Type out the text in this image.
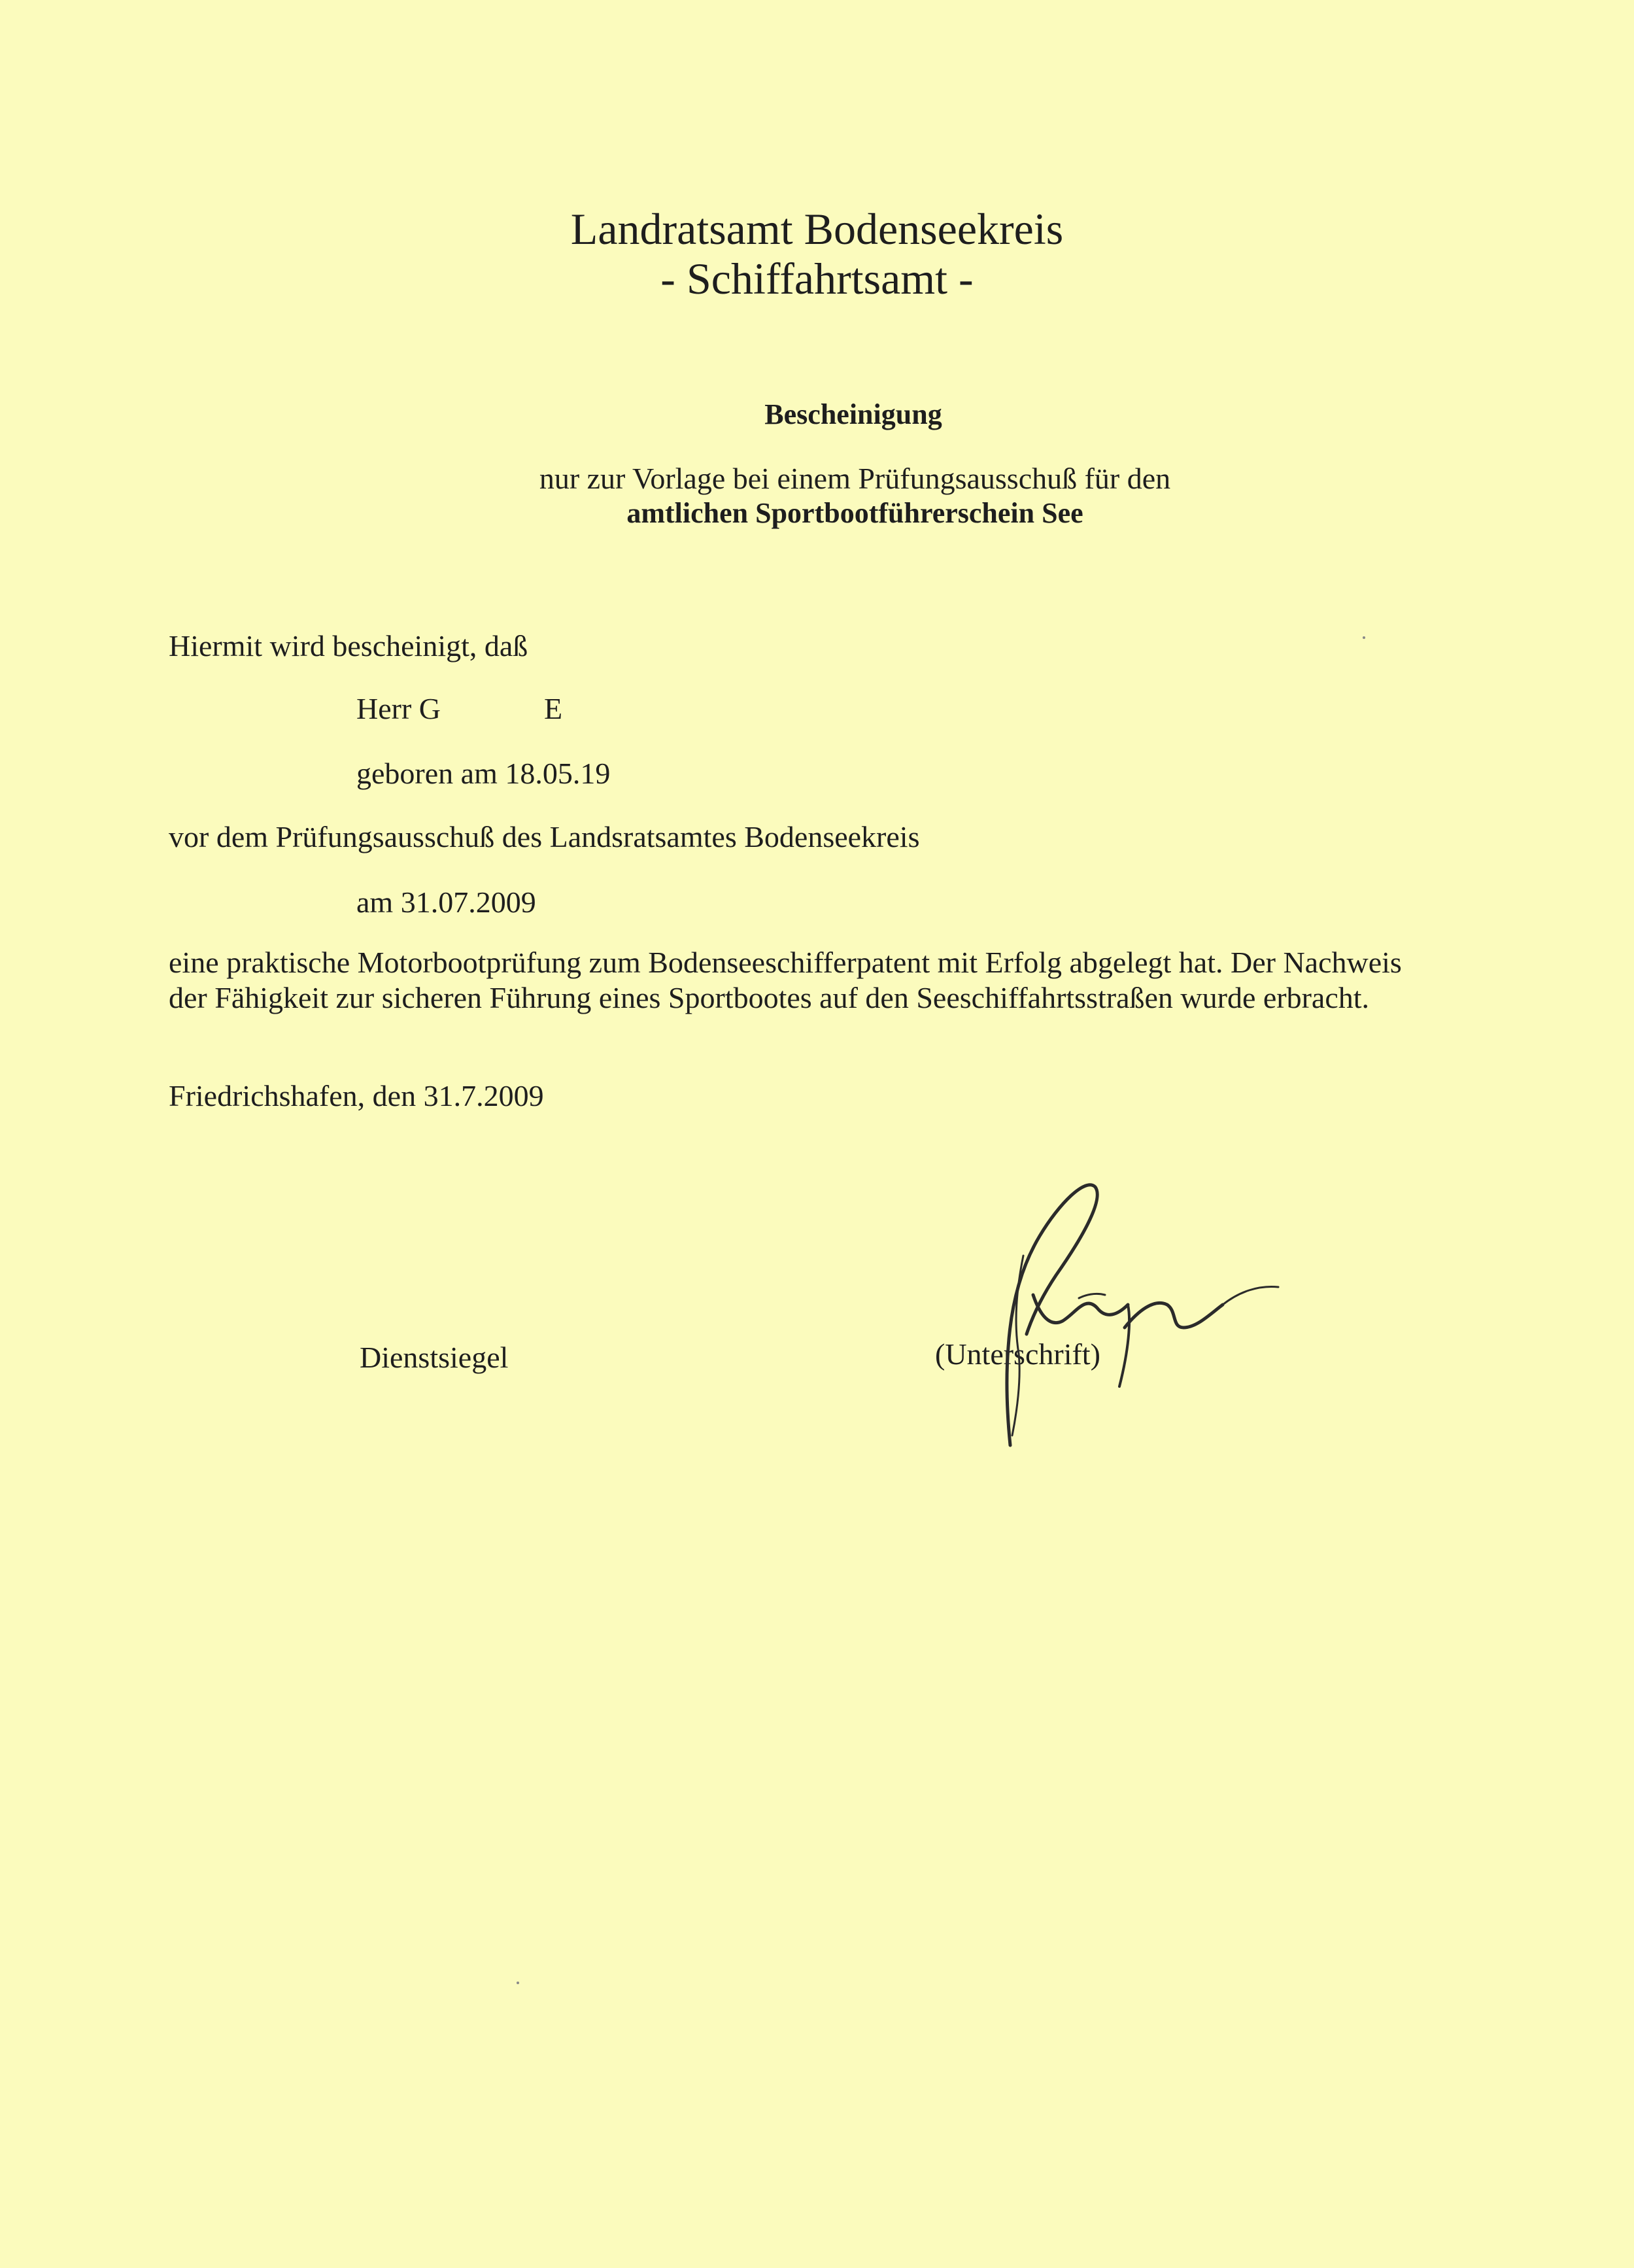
Landratsamt Bodenseekreis
- Schiffahrtsamt -
Bescheinigung
nur zur Vorlage bei einem Prüfungsausschuß für den
amtlichen Sportbootführerschein See
Hiermit wird bescheinigt, daß
Herr G	E
geboren am 18.05.19
vor dem Prüfungsausschuß des Landsratsamtes Bodenseekreis
am 31.07.2009
eine praktische Motorbootprüfung zum Bodenseeschifferpatent mit Erfolg abgelegt hat. Der Nachweis
der Fähigkeit zur sicheren Führung eines Sportbootes auf den Seeschiffahrtsstraßen wurde erbracht.
Friedrichshafen, den 31.7.2009
Dienstsiegel	(Unterschrift)
